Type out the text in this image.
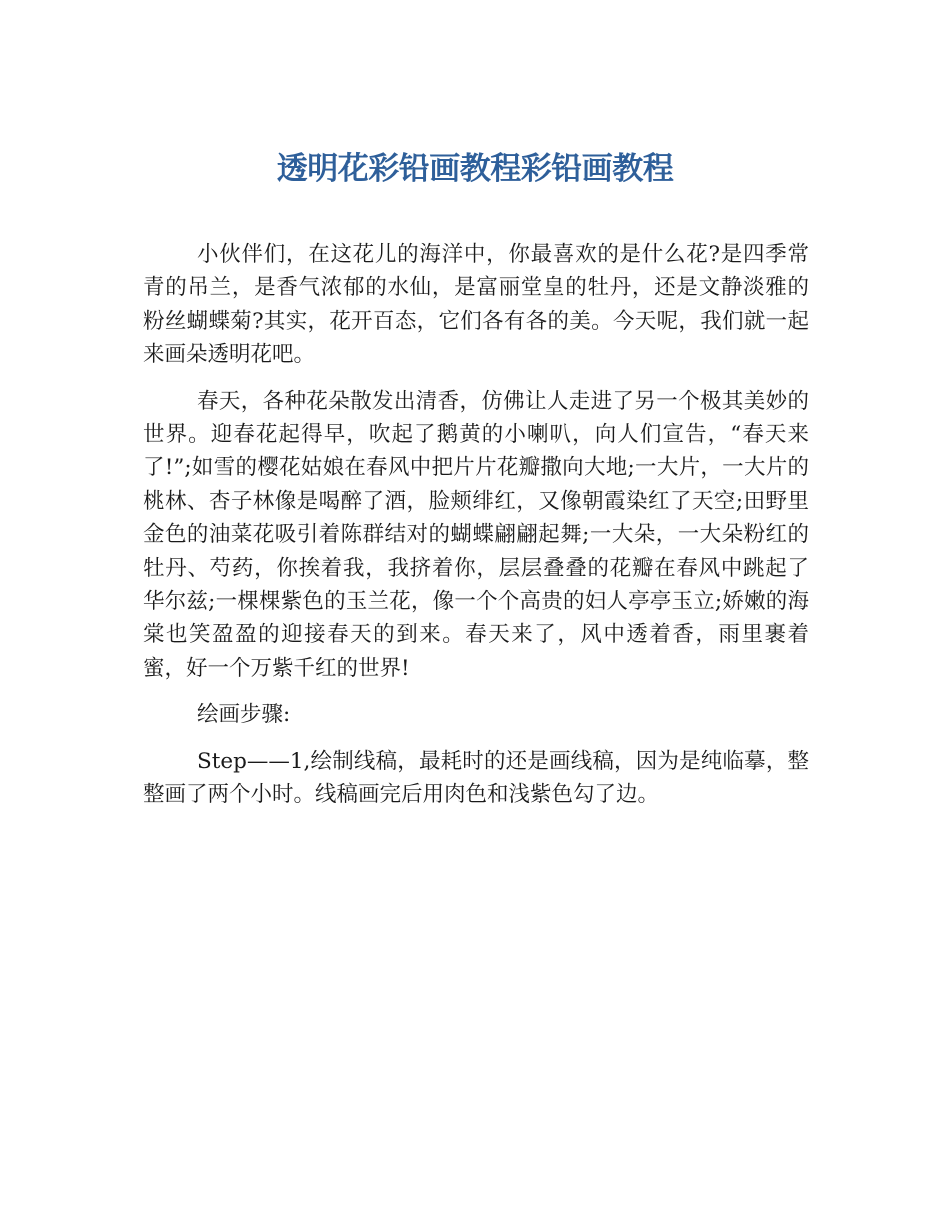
透明花彩铅画教程彩铅画教程

小伙伴们，在这花儿的海洋中，你最喜欢的是什么花?是四季常青的吊兰，是香气浓郁的水仙，是富丽堂皇的牡丹，还是文静淡雅的粉丝蝴蝶菊?其实，花开百态，它们各有各的美。今天呢，我们就一起来画朵透明花吧。

春天，各种花朵散发出清香，仿佛让人走进了另一个极其美妙的世界。迎春花起得早，吹起了鹅黄的小喇叭，向人们宣告，“春天来了!”;如雪的樱花姑娘在春风中把片片花瓣撒向大地;一大片，一大片的桃林、杏子林像是喝醉了酒，脸颊绯红，又像朝霞染红了天空;田野里金色的油菜花吸引着陈群结对的蝴蝶翩翩起舞;一大朵，一大朵粉红的牡丹、芍药，你挨着我，我挤着你，层层叠叠的花瓣在春风中跳起了华尔兹;一棵棵紫色的玉兰花，像一个个高贵的妇人亭亭玉立;娇嫩的海棠也笑盈盈的迎接春天的到来。春天来了，风中透着香，雨里裹着蜜，好一个万紫千红的世界!

绘画步骤:

Step——1,绘制线稿，最耗时的还是画线稿，因为是纯临摹，整整画了两个小时。线稿画完后用肉色和浅紫色勾了边。
